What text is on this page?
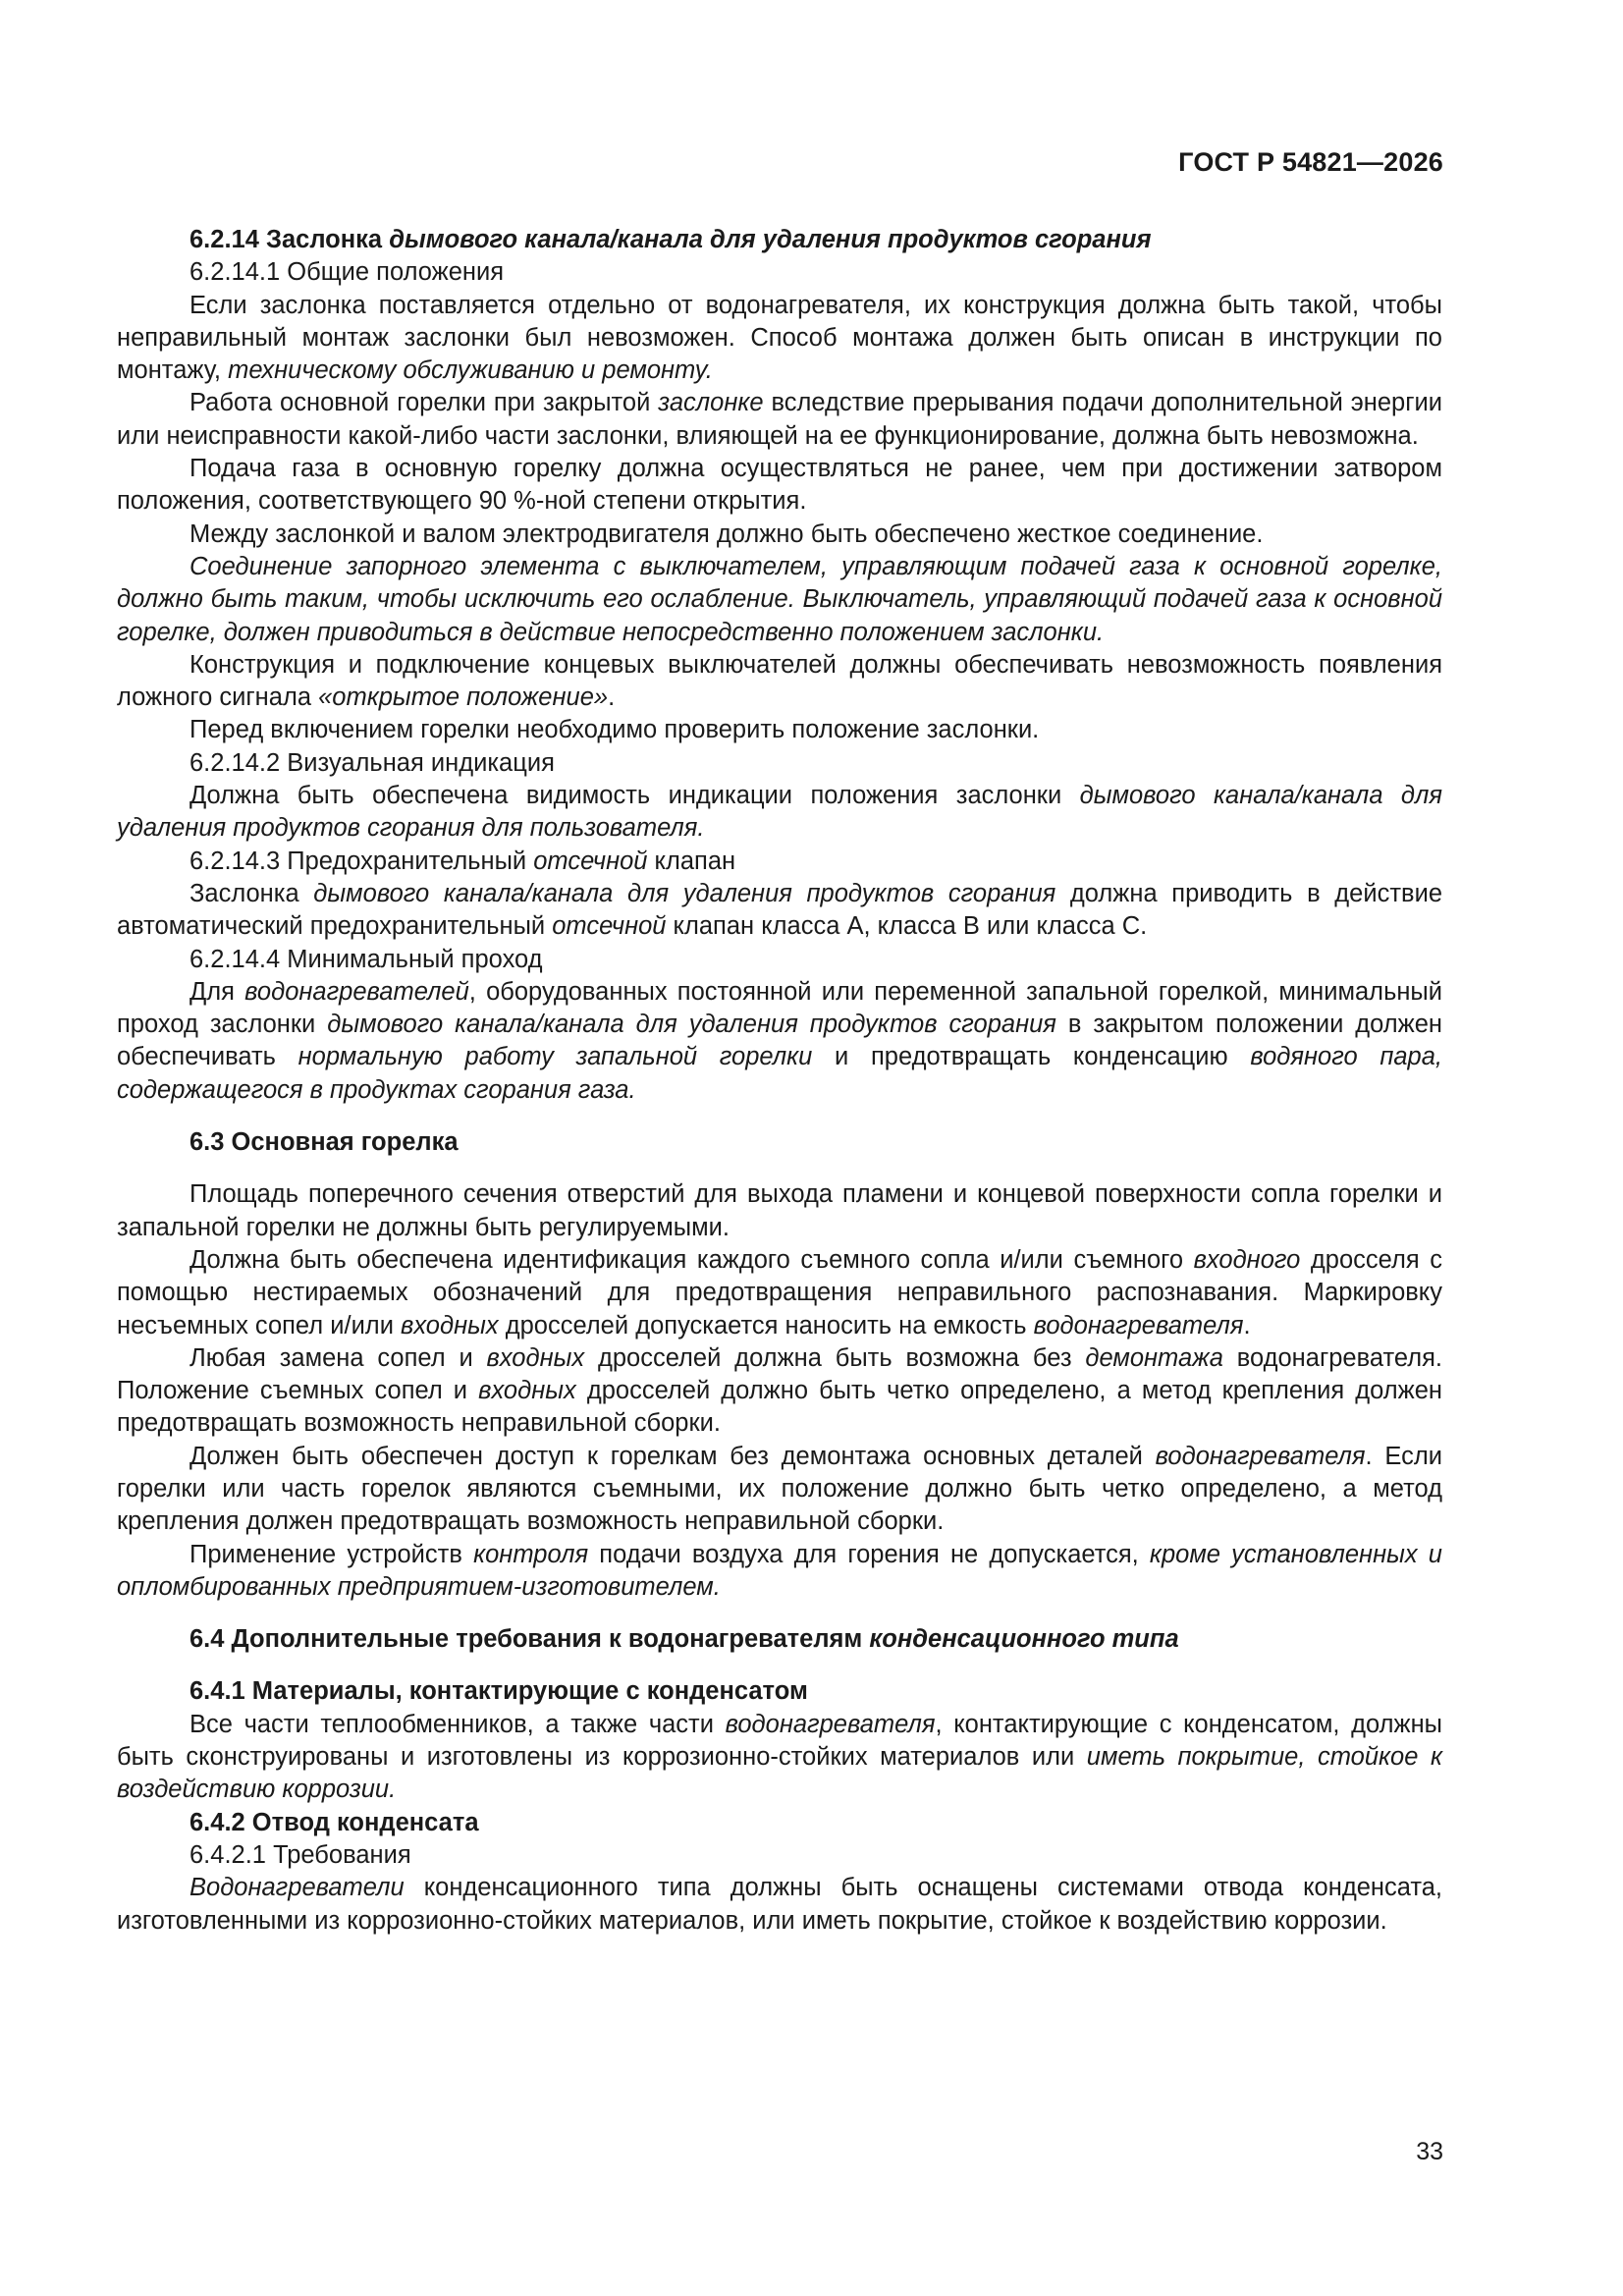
ГОСТ Р 54821—2026

6.2.14 Заслонка дымового канала/канала для удаления продуктов сгорания

6.2.14.1 Общие положения

Если заслонка поставляется отдельно от водонагревателя, их конструкция должна быть такой, чтобы неправильный монтаж заслонки был невозможен. Способ монтажа должен быть описан в инструкции по монтажу, техническому обслуживанию и ремонту.

Работа основной горелки при закрытой заслонке вследствие прерывания подачи дополнительной энергии или неисправности какой-либо части заслонки, влияющей на ее функционирование, должна быть невозможна.

Подача газа в основную горелку должна осуществляться не ранее, чем при достижении затвором положения, соответствующего 90 %-ной степени открытия.

Между заслонкой и валом электродвигателя должно быть обеспечено жесткое соединение.

Соединение запорного элемента с выключателем, управляющим подачей газа к основной горелке, должно быть таким, чтобы исключить его ослабление. Выключатель, управляющий подачей газа к основной горелке, должен приводиться в действие непосредственно положением заслонки.

Конструкция и подключение концевых выключателей должны обеспечивать невозможность появления ложного сигнала «открытое положение».

Перед включением горелки необходимо проверить положение заслонки.

6.2.14.2 Визуальная индикация

Должна быть обеспечена видимость индикации положения заслонки дымового канала/канала для удаления продуктов сгорания для пользователя.

6.2.14.3 Предохранительный отсечной клапан

Заслонка дымового канала/канала для удаления продуктов сгорания должна приводить в действие автоматический предохранительный отсечной клапан класса А, класса В или класса С.

6.2.14.4 Минимальный проход

Для водонагревателей, оборудованных постоянной или переменной запальной горелкой, минимальный проход заслонки дымового канала/канала для удаления продуктов сгорания в закрытом положении должен обеспечивать нормальную работу запальной горелки и предотвращать конденсацию водяного пара, содержащегося в продуктах сгорания газа.

6.3 Основная горелка

Площадь поперечного сечения отверстий для выхода пламени и концевой поверхности сопла горелки и запальной горелки не должны быть регулируемыми.

Должна быть обеспечена идентификация каждого съемного сопла и/или съемного входного дросселя с помощью нестираемых обозначений для предотвращения неправильного распознавания. Маркировку несъемных сопел и/или входных дросселей допускается наносить на емкость водонагревателя.

Любая замена сопел и входных дросселей должна быть возможна без демонтажа водонагревателя. Положение съемных сопел и входных дросселей должно быть четко определено, а метод крепления должен предотвращать возможность неправильной сборки.

Должен быть обеспечен доступ к горелкам без демонтажа основных деталей водонагревателя. Если горелки или часть горелок являются съемными, их положение должно быть четко определено, а метод крепления должен предотвращать возможность неправильной сборки.

Применение устройств контроля подачи воздуха для горения не допускается, кроме установленных и опломбированных предприятием-изготовителем.

6.4 Дополнительные требования к водонагревателям конденсационного типа

6.4.1 Материалы, контактирующие с конденсатом

Все части теплообменников, а также части водонагревателя, контактирующие с конденсатом, должны быть сконструированы и изготовлены из коррозионно-стойких материалов или иметь покрытие, стойкое к воздействию коррозии.

6.4.2 Отвод конденсата

6.4.2.1 Требования

Водонагреватели конденсационного типа должны быть оснащены системами отвода конденсата, изготовленными из коррозионно-стойких материалов, или иметь покрытие, стойкое к воздействию коррозии.

33
